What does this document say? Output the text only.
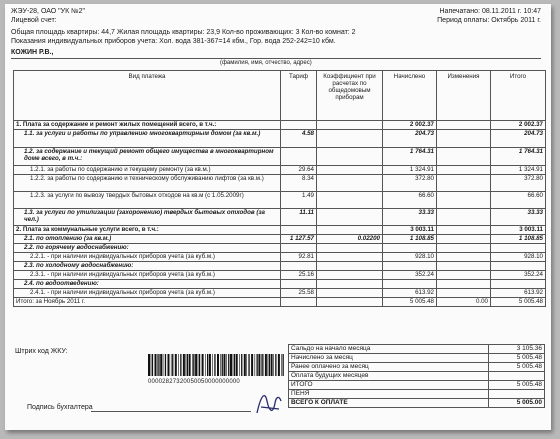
ЖЭУ-28, ОАО "УК №2"
Лицевой счет:
Напечатано: 08.11.2011 г. 10:47
Период оплаты: Октябрь 2011 г.
Общая площадь квартиры: 44,7 Жилая площадь квартиры: 23,9 Кол-во проживающих: 3 Кол-во комнат: 2
Показания индивидуальных приборов учета: Хол. вода 381-367=14 кбм., Гор. вода 252-242=10 кбм.
КОЖИН Р.В.,
(фамилия, имя, отчество, адрес)
Вид платежа	Тариф	Коэффициент при расчетах по общедомовым приборам	Начислено	Изменения	Итого
1. Плата за содержание и ремонт жилых помещений всего, в т.ч.:			2 002.37		2 002.37
1.1. за услуги и работы по управлению многоквартирным домом (за кв.м.)	4.58		204.73		204.73
1.2. за содержание и текущий ремонт общего имущества в многоквартирном доме всего, в т.ч.:			1 764.31		1 764.31
1.2.1. за работы по содержанию и текущему ремонту (за кв.м.)	29.64		1 324.91		1 324.91
1.2.2. за работы по содержанию и техническому обслуживанию лифтов (за кв.м.)	8.34		372.80		372.80
1.2.3. за услуги по вывозу твердых бытовых отходов на кв.м (с 1.05.2009г)	1.49		66.60		66.60
1.3. за услуги по утилизации (захоронению) твердых бытовых отходов (за чел.)	11.11		33.33		33.33
2. Плата за коммунальные услуги всего, в т.ч.:			3 003.11		3 003.11
2.1. по отоплению (за кв.м.)	1 127.57	0.02200	1 108.85		1 108.85
2.2. по горячему водоснабжению:					
2.2.1. - при наличии индивидуальных приборов учета (за куб.м.)	92.81		928.10		928.10
2.3. по холодному водоснабжению:					
2.3.1. - при наличии индивидуальных приборов учета (за куб.м.)	25.16		352.24		352.24
2.4. по водоотведению:					
2.4.1. - при наличии индивидуальных приборов учета (за куб.м.)	25.58		613.92		613.92
Итого: за Ноябрь 2011 г.			5 005.48	0.00	5 005.48
Штрих код ЖКУ:
00002827320050050000000000
Подпись бухгалтера
Сальдо на начало месяца	3 105.36
Начислено за месяц	5 005.48
Ранее оплачено за месяц	5 005.48
Оплата будущих месяцев	
ИТОГО	5 005.48
ПЕНЯ	
ВСЕГО К ОПЛАТЕ	5 005.00
